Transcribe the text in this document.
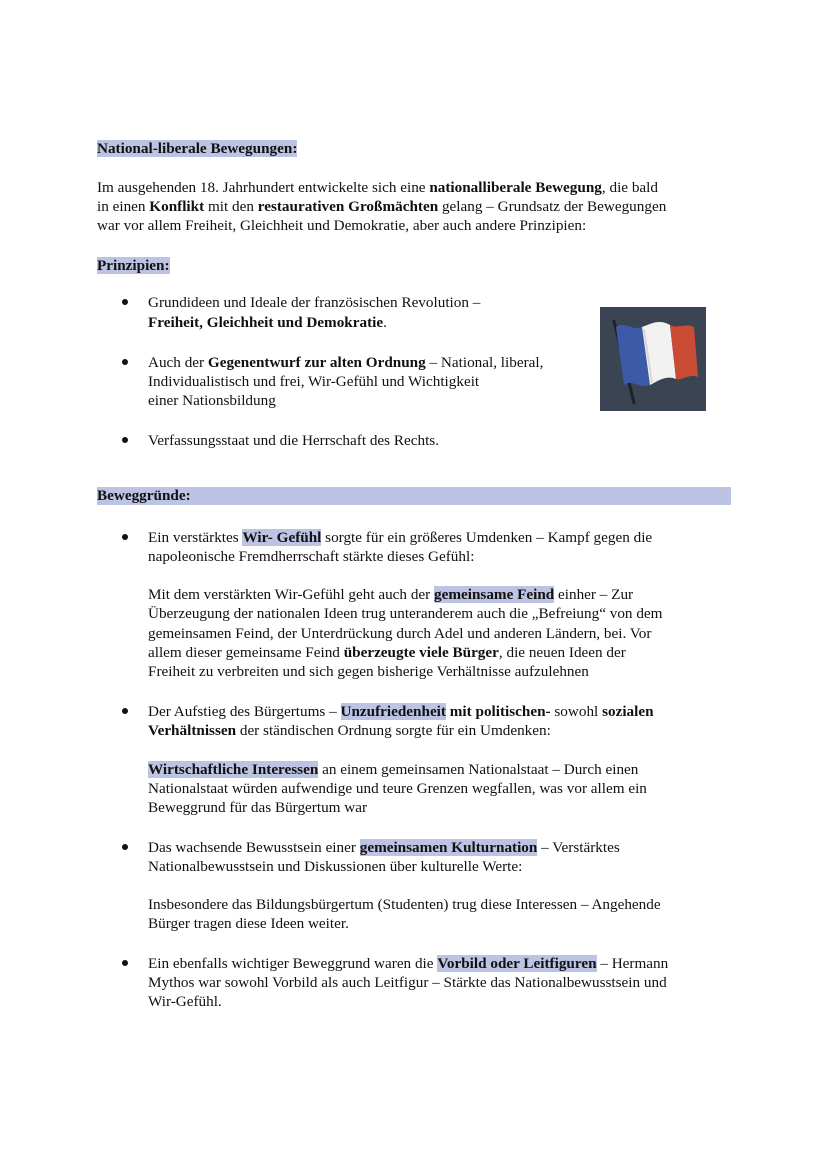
National-liberale Bewegungen:
Im ausgehenden 18. Jahrhundert entwickelte sich eine nationalliberale Bewegung, die bald
in einen Konflikt mit den restaurativen Großmächten gelang – Grundsatz der Bewegungen
war vor allem Freiheit, Gleichheit und Demokratie, aber auch andere Prinzipien:
Prinzipien:
Grundideen und Ideale der französischen Revolution –
Freiheit, Gleichheit und Demokratie.
Auch der Gegenentwurf zur alten Ordnung – National, liberal,
Individualistisch und frei, Wir-Gefühl und Wichtigkeit
einer Nationsbildung
Verfassungsstaat und die Herrschaft des Rechts.
Beweggründe:
Ein verstärktes Wir- Gefühl sorgte für ein größeres Umdenken – Kampf gegen die
napoleonische Fremdherrschaft stärkte dieses Gefühl:
Mit dem verstärkten Wir-Gefühl geht auch der gemeinsame Feind einher – Zur
Überzeugung der nationalen Ideen trug unteranderem auch die „Befreiung“ von dem
gemeinsamen Feind, der Unterdrückung durch Adel und anderen Ländern, bei. Vor
allem dieser gemeinsame Feind überzeugte viele Bürger, die neuen Ideen der
Freiheit zu verbreiten und sich gegen bisherige Verhältnisse aufzulehnen
Der Aufstieg des Bürgertums – Unzufriedenheit mit politischen- sowohl sozialen
Verhältnissen der ständischen Ordnung sorgte für ein Umdenken:
Wirtschaftliche Interessen an einem gemeinsamen Nationalstaat – Durch einen
Nationalstaat würden aufwendige und teure Grenzen wegfallen, was vor allem ein
Beweggrund für das Bürgertum war
Das wachsende Bewusstsein einer gemeinsamen Kulturnation – Verstärktes
Nationalbewusstsein und Diskussionen über kulturelle Werte:
Insbesondere das Bildungsbürgertum (Studenten) trug diese Interessen – Angehende
Bürger tragen diese Ideen weiter.
Ein ebenfalls wichtiger Beweggrund waren die Vorbild oder Leitfiguren – Hermann
Mythos war sowohl Vorbild als auch Leitfigur – Stärkte das Nationalbewusstsein und
Wir-Gefühl.
